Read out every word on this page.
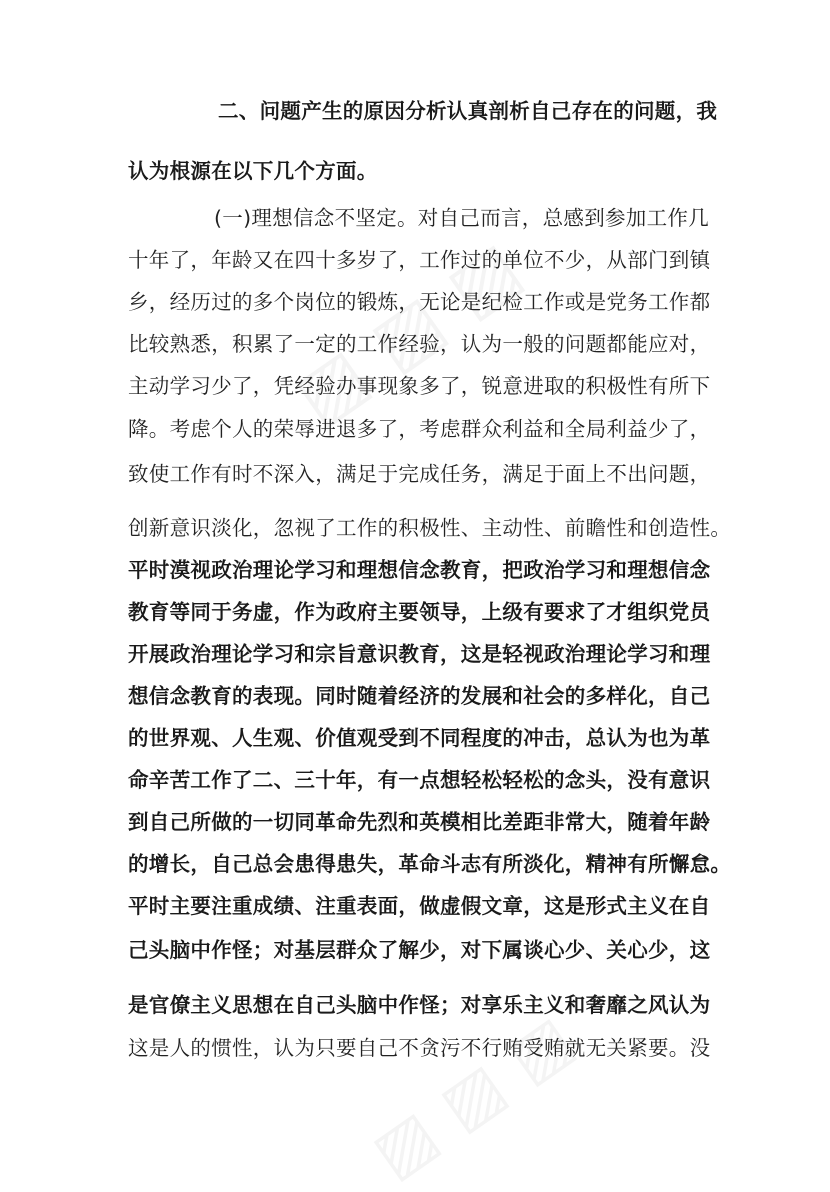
二、问题产生的原因分析认真剖析自己存在的问题，我
认为根源在以下几个方面。
(一)理想信念不坚定。对自己而言，总感到参加工作几
十年了，年龄又在四十多岁了，工作过的单位不少，从部门到镇
乡，经历过的多个岗位的锻炼，无论是纪检工作或是党务工作都
比较熟悉，积累了一定的工作经验，认为一般的问题都能应对，
主动学习少了，凭经验办事现象多了，锐意进取的积极性有所下
降。考虑个人的荣辱进退多了，考虑群众利益和全局利益少了，
致使工作有时不深入，满足于完成任务，满足于面上不出问题，
创新意识淡化，忽视了工作的积极性、主动性、前瞻性和创造性。
平时漠视政治理论学习和理想信念教育，把政治学习和理想信念
教育等同于务虚，作为政府主要领导，上级有要求了才组织党员
开展政治理论学习和宗旨意识教育，这是轻视政治理论学习和理
想信念教育的表现。同时随着经济的发展和社会的多样化，自己
的世界观、人生观、价值观受到不同程度的冲击，总认为也为革
命辛苦工作了二、三十年，有一点想轻松轻松的念头，没有意识
到自己所做的一切同革命先烈和英模相比差距非常大，随着年龄
的增长，自己总会患得患失，革命斗志有所淡化，精神有所懈怠。
平时主要注重成绩、注重表面，做虚假文章，这是形式主义在自
己头脑中作怪；对基层群众了解少，对下属谈心少、关心少，这
是官僚主义思想在自己头脑中作怪；对享乐主义和奢靡之风认为
这是人的惯性，认为只要自己不贪污不行贿受贿就无关紧要。没
